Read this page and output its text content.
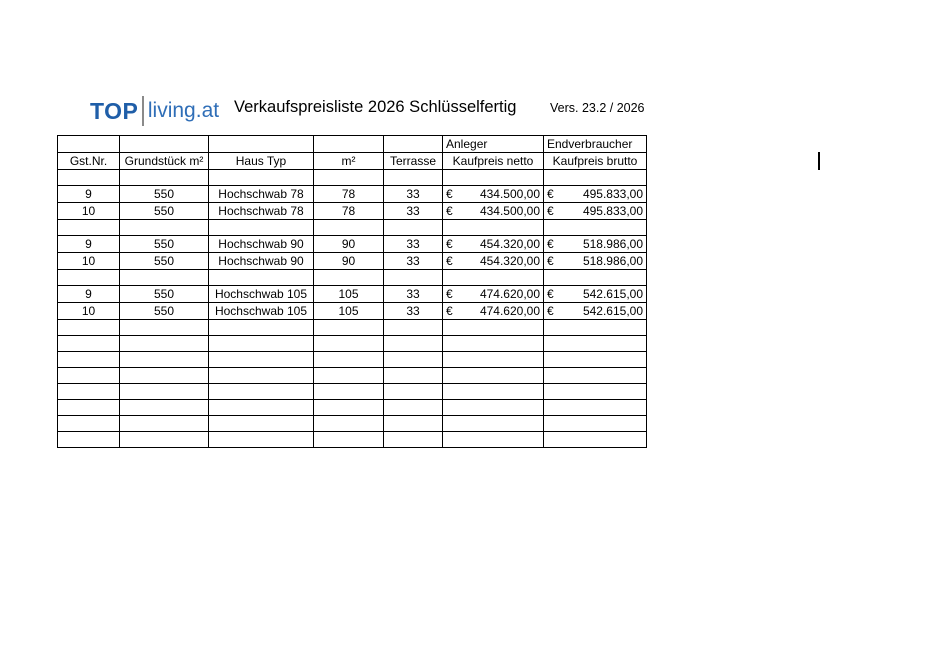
TOP living.at Verkaufspreisliste 2026 Schlüsselfertig	Vers. 23.2 / 2026
					Anleger	Endverbraucher
Gst.Nr.	Grundstück m²	Haus Typ	m²	Terrasse	Kaufpreis netto	Kaufpreis brutto

9	550	Hochschwab 78	78	33	€ 434.500,00	€ 495.833,00

10	550	Hochschwab 78	78	33	€ 434.500,00	€ 495.833,00

9	550	Hochschwab 90	90	33	€ 454.320,00	€ 518.986,00

10	550	Hochschwab 90	90	33	€ 454.320,00	€ 518.986,00

9	550	Hochschwab 105	105	33	€ 474.620,00	€ 542.615,00

10	550	Hochschwab 105	105	33	€ 474.620,00	€ 542.615,00
